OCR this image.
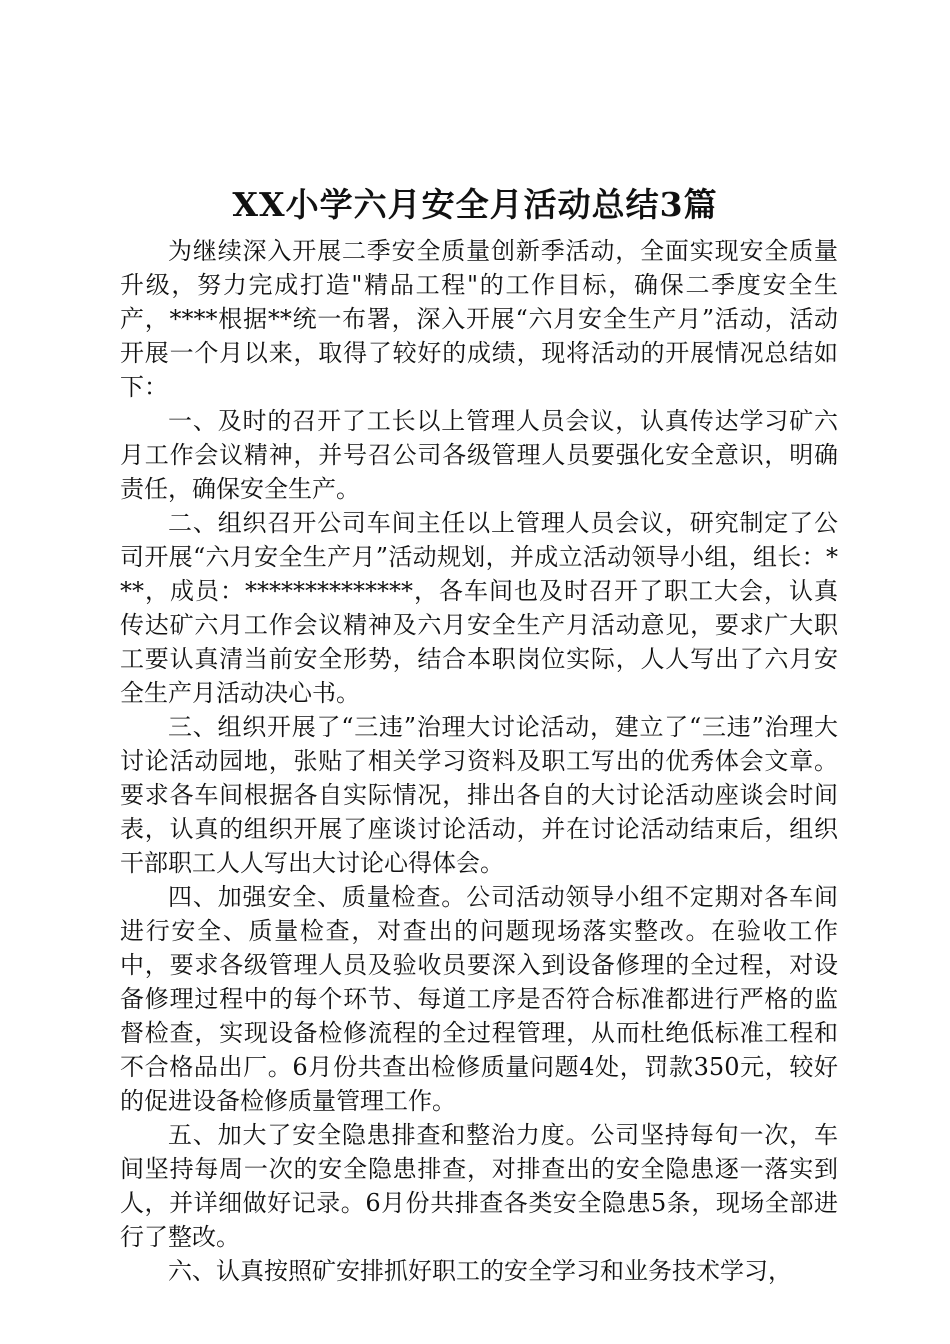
XX小学六月安全月活动总结3篇

为继续深入开展二季安全质量创新季活动，全面实现安全质量升级，努力完成打造"精品工程"的工作目标，确保二季度安全生产，****根据**统一布署，深入开展“六月安全生产月”活动，活动开展一个月以来，取得了较好的成绩，现将活动的开展情况总结如下：

一、及时的召开了工长以上管理人员会议，认真传达学习矿六月工作会议精神，并号召公司各级管理人员要强化安全意识，明确责任，确保安全生产。

二、组织召开公司车间主任以上管理人员会议，研究制定了公司开展“六月安全生产月”活动规划，并成立活动领导小组，组长：***，成员：**************，各车间也及时召开了职工大会，认真传达矿六月工作会议精神及六月安全生产月活动意见，要求广大职工要认真清当前安全形势，结合本职岗位实际，人人写出了六月安全生产月活动决心书。

三、组织开展了“三违”治理大讨论活动，建立了“三违”治理大讨论活动园地，张贴了相关学习资料及职工写出的优秀体会文章。要求各车间根据各自实际情况，排出各自的大讨论活动座谈会时间表，认真的组织开展了座谈讨论活动，并在讨论活动结束后，组织干部职工人人写出大讨论心得体会。

四、加强安全、质量检查。公司活动领导小组不定期对各车间进行安全、质量检查，对查出的问题现场落实整改。在验收工作中，要求各级管理人员及验收员要深入到设备修理的全过程，对设备修理过程中的每个环节、每道工序是否符合标准都进行严格的监督检查，实现设备检修流程的全过程管理，从而杜绝低标准工程和不合格品出厂。6月份共查出检修质量问题4处，罚款350元，较好的促进设备检修质量管理工作。

五、加大了安全隐患排查和整治力度。公司坚持每旬一次，车间坚持每周一次的安全隐患排查，对排查出的安全隐患逐一落实到人，并详细做好记录。6月份共排查各类安全隐患5条，现场全部进行了整改。

六、认真按照矿安排抓好职工的安全学习和业务技术学习，
